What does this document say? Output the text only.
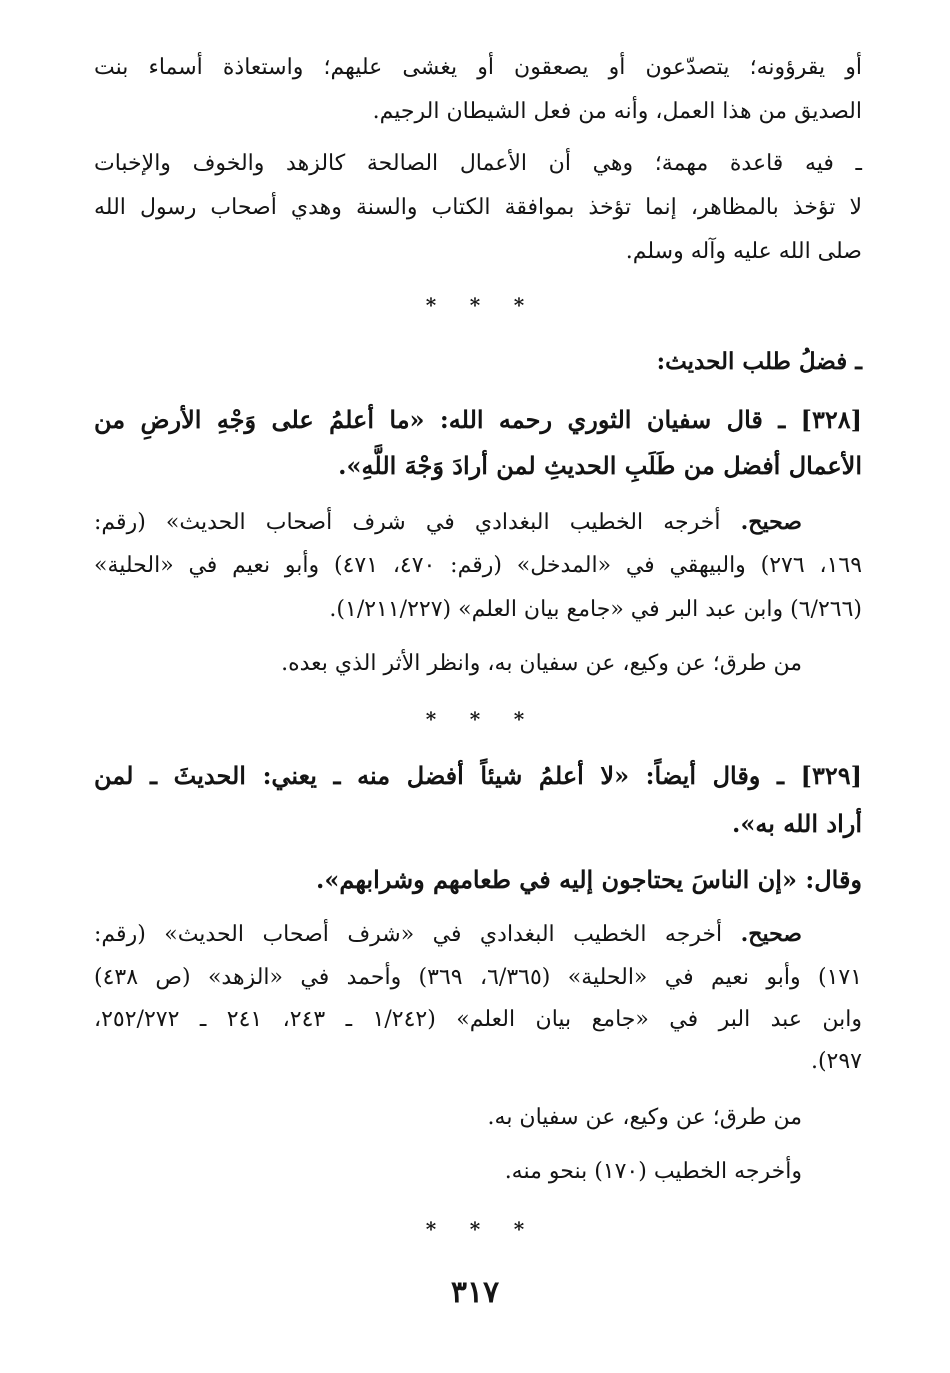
أو يقرؤونه؛ يتصدّعون أو يصعقون أو يغشى عليهم؛ واستعاذة أسماء بنت
الصديق من هذا العمل، وأنه من فعل الشيطان الرجيم.
ـ فيه قاعدة مهمة؛ وهي أن الأعمال الصالحة كالزهد والخوف والإخبات
لا تؤخذ بالمظاهر، إنما تؤخذ بموافقة الكتاب والسنة وهدي أصحاب رسول الله
صلى الله عليه وآله وسلم.
* * *
ـ فضلُ طلب الحديث:
[٣٢٨] ـ قال سفيان الثوري رحمه الله: «ما أعلمُ على وَجْهِ الأرضِ من
الأعمال أفضل من طَلَبِ الحديثِ لمن أرادَ وَجْهَ اللَّهِ».
صحيح. أخرجه الخطيب البغدادي في شرف أصحاب الحديث» (رقم:
١٦٩، ٢٧٦) والبيهقي في «المدخل» (رقم: ٤٧٠، ٤٧١) وأبو نعيم في «الحلية»
(٦/٢٦٦) وابن عبد البر في «جامع بيان العلم» (١/٢١١/٢٢٧).
من طرق؛ عن وكيع، عن سفيان به، وانظر الأثر الذي بعده.
* * *
[٣٢٩] ـ وقال أيضاً: «لا أعلمُ شيئاً أفضل منه ـ يعني: الحديثَ ـ لمن
أراد الله به».
وقال: «إن الناسَ يحتاجون إليه في طعامهم وشرابهم».
صحيح. أخرجه الخطيب البغدادي في «شرف أصحاب الحديث» (رقم:
١٧١) وأبو نعيم في «الحلية» (٦/٣٦٥، ٣٦٩) وأحمد في «الزهد» (ص ٤٣٨)
وابن عبد البر في «جامع بيان العلم» (١/٢٤٢ ـ ٢٤٣، ٢٤١ ـ ٢٥٢/٢٧٢،
٢٩٧).
من طرق؛ عن وكيع، عن سفيان به.
وأخرجه الخطيب (١٧٠) بنحو منه.
* * *
٣١٧
